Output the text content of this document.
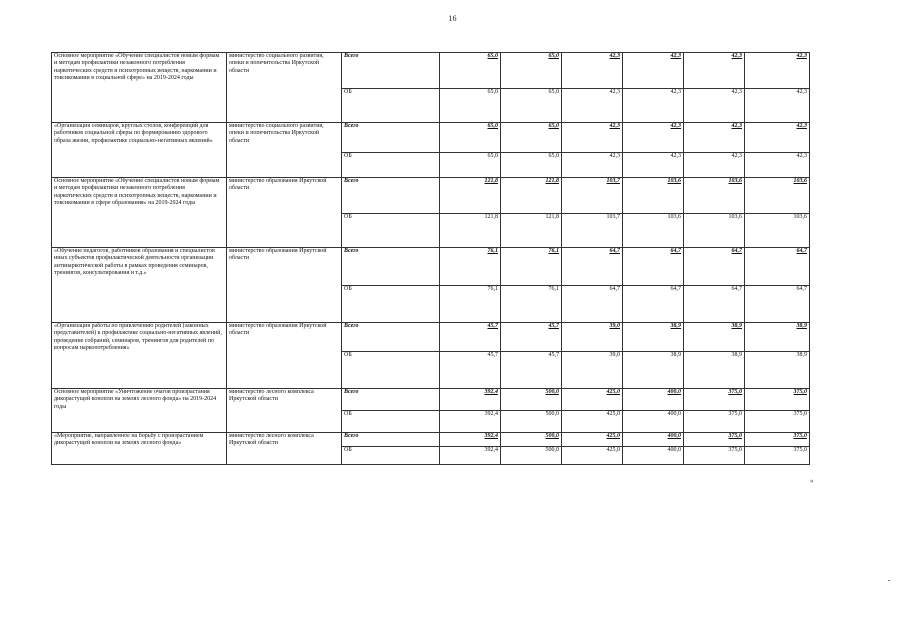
16
Основное мероприятие «Обучение специалистов новым формам и методам профилактики незаконного потребления наркотических средств и психотропных веществ, наркомании и токсикомании в социальной сфере» на 2019-2024 годы	министерство социального развития, опеки и попечительства Иркутской области	Всего	65,0	65,0	42,3	42,3	42,3	42,3
		ОБ	65,0	65,0	42,3	42,3	42,3	42,3
«Организация семинаров, круглых столов, конференций для работников социальной сферы по формированию здорового образа жизни, профилактике социально-негативных явлений»	министерство социального развития, опеки и попечительства Иркутской области	Всего	65,0	65,0	42,3	42,3	42,3	42,3
		ОБ	65,0	65,0	42,3	42,3	42,3	42,3
Основное мероприятие «Обучение специалистов новым формам и методам профилактики незаконного потребления наркотических средств и психотропных веществ, наркомании и токсикомании в сфере образования» на 2019-2024 годы	министерство образования Иркутской области	Всего	121,8	121,8	103,7	103,6	103,6	103,6
		ОБ	121,8	121,8	103,7	103,6	103,6	103,6
«Обучение педагогов, работников образования и специалистов иных субъектов профилактической деятельности организации антинаркотической работы в рамках проведения семинаров, тренингов, консультирования и т.д.»	министерство образования Иркутской области	Всего	76,1	76,1	64,7	64,7	64,7	64,7
		ОБ	76,1	76,1	64,7	64,7	64,7	64,7
«Организация работы по привлечению родителей (законных представителей) к профилактике социально-негативных явлений, проведение собраний, семинаров, тренингов для родителей по вопросам наркопотребления»	министерство образования Иркутской области	Всего	45,7	45,7	39,0	38,9	38,9	38,9
		ОБ	45,7	45,7	39,0	38,9	38,9	38,9
Основное мероприятие «Уничтожение очагов произрастания дикорастущей конопли на землях лесного фонда» на 2019-2024 годы	министерство лесного комплекса Иркутской области	Всего	392,4	500,0	425,0	400,0	375,0	375,0
		ОБ	392,4	500,0	425,0	400,0	375,0	375,0
«Мероприятие, направленное на борьбу с произрастанием дикорастущей конопли на землях лесного фонда»	министерство лесного комплекса Иркутской области	Всего	392,4	500,0	425,0	400,0	375,0	375,0
		ОБ	392,4	500,0	425,0	400,0	375,0	375,0
»
